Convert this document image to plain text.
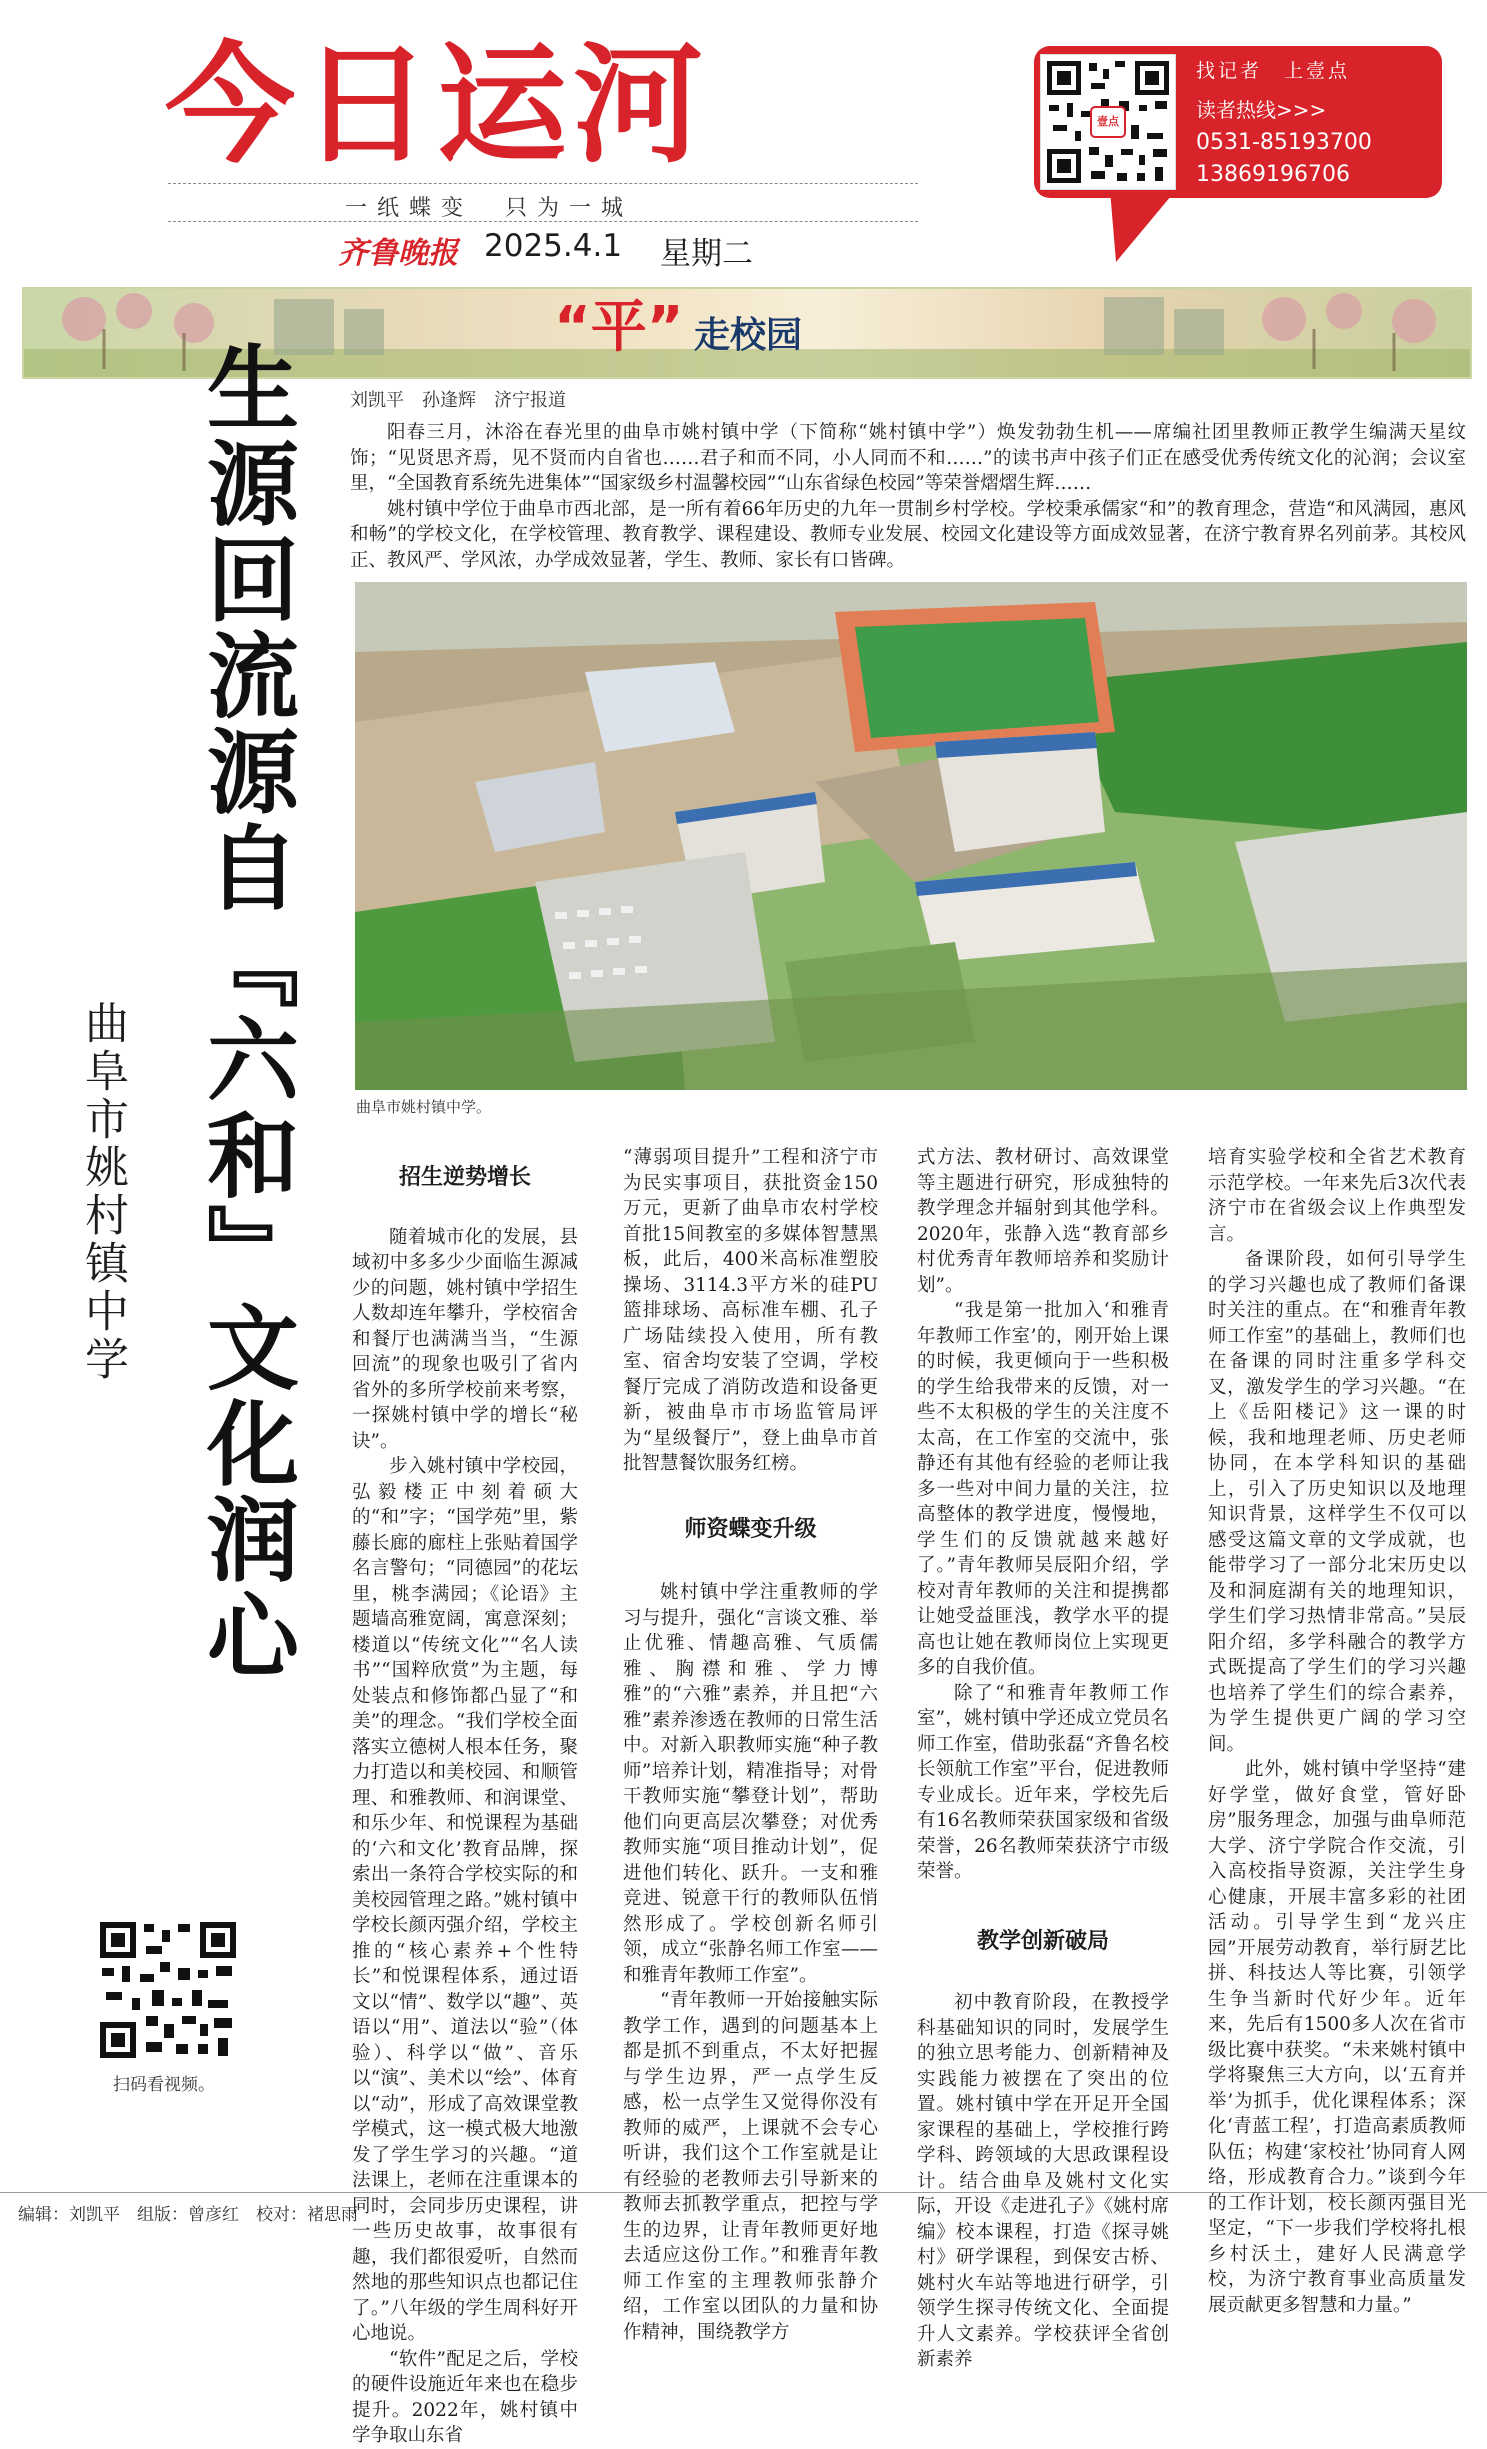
今日运河
一纸蝶变　只为一城
齐鲁晚报 2025.4.1 星期二
壹点
找记者　上壹点
读者热线>>>
0531-85193700
13869196706
“平” 走校园
刘凯平　孙逢辉　济宁报道

阳春三月，沐浴在春光里的曲阜市姚村镇中学（下简称“姚村镇中学”）焕发勃勃生机——席编社团里教师正教学生编满天星纹饰；“见贤思齐焉，见不贤而内自省也……君子和而不同，小人同而不和……”的读书声中孩子们正在感受优秀传统文化的沁润；会议室里，“全国教育系统先进集体”“国家级乡村温馨校园”“山东省绿色校园”等荣誉熠熠生辉……

姚村镇中学位于曲阜市西北部，是一所有着66年历史的九年一贯制乡村学校。学校秉承儒家“和”的教育理念，营造“和风满园，惠风和畅”的学校文化，在学校管理、教育教学、课程建设、教师专业发展、校园文化建设等方面成效显著，在济宁教育界名列前茅。其校风正、教风严、学风浓，办学成效显著，学生、教师、家长有口皆碑。

生源回流源自『六和』文化润心
曲阜市姚村镇中学	曲阜市姚村镇中学。
招生逆势增长

随着城市化的发展，县域初中多多少少面临生源减少的问题，姚村镇中学招生人数却连年攀升，学校宿舍和餐厅也满满当当，“生源回流”的现象也吸引了省内省外的多所学校前来考察，一探姚村镇中学的增长“秘诀”。

步入姚村镇中学校园，弘毅楼正中刻着硕大的“和”字；“国学苑”里，紫藤长廊的廊柱上张贴着国学名言警句；“同德园”的花坛里，桃李满园；《论语》主题墙高雅宽阔，寓意深刻；楼道以“传统文化”“名人读书”“国粹欣赏”为主题，每处装点和修饰都凸显了“和美”的理念。“我们学校全面落实立德树人根本任务，聚力打造以和美校园、和顺管理、和雅教师、和润课堂、和乐少年、和悦课程为基础的‘六和文化’教育品牌，探索出一条符合学校实际的和美校园管理之路。”姚村镇中学校长颜丙强介绍，学校主推的“核心素养+个性特长”和悦课程体系，通过语文以“情”、数学以“趣”、英语以“用”、道法以“验”（体验）、科学以“做”、音乐以“演”、美术以“绘”、体育以“动”，形成了高效课堂教学模式，这一模式极大地激发了学生学习的兴趣。“道法课上，老师在注重课本的同时，会同步历史课程，讲一些历史故事，故事很有趣，我们都很爱听，自然而然地的那些知识点也都记住了。”八年级的学生周科好开心地说。

“软件”配足之后，学校的硬件设施近年来也在稳步提升。2022年，姚村镇中学争取山东省

“薄弱项目提升”工程和济宁市为民实事项目，获批资金150万元，更新了曲阜市农村学校首批15间教室的多媒体智慧黑板，此后，400米高标准塑胶操场、3114.3平方米的硅PU篮排球场、高标准车棚、孔子广场陆续投入使用，所有教室、宿舍均安装了空调，学校餐厅完成了消防改造和设备更新，被曲阜市市场监管局评为“星级餐厅”，登上曲阜市首批智慧餐饮服务红榜。

师资蝶变升级

姚村镇中学注重教师的学习与提升，强化“言谈文雅、举止优雅、情趣高雅、气质儒雅、胸襟和雅、学力博雅”的“六雅”素养，并且把“六雅”素养渗透在教师的日常生活中。对新入职教师实施“种子教师”培养计划，精准指导；对骨干教师实施“攀登计划”，帮助他们向更高层次攀登；对优秀教师实施“项目推动计划”，促进他们转化、跃升。一支和雅竞进、锐意干行的教师队伍悄然形成了。学校创新名师引领，成立“张静名师工作室——和雅青年教师工作室”。

“青年教师一开始接触实际教学工作，遇到的问题基本上都是抓不到重点，不太好把握与学生边界，严一点学生反感，松一点学生又觉得你没有教师的威严，上课就不会专心听讲，我们这个工作室就是让有经验的老教师去引导新来的教师去抓教学重点，把控与学生的边界，让青年教师更好地去适应这份工作。”和雅青年教师工作室的主理教师张静介绍，工作室以团队的力量和协作精神，围绕教学方

式方法、教材研讨、高效课堂等主题进行研究，形成独特的教学理念并辐射到其他学科。2020年，张静入选“教育部乡村优秀青年教师培养和奖励计划”。

“我是第一批加入‘和雅青年教师工作室’的，刚开始上课的时候，我更倾向于一些积极的学生给我带来的反馈，对一些不太积极的学生的关注度不太高，在工作室的交流中，张静还有其他有经验的老师让我多一些对中间力量的关注，拉高整体的教学进度，慢慢地，学生们的反馈就越来越好了。”青年教师吴辰阳介绍，学校对青年教师的关注和提携都让她受益匪浅，教学水平的提高也让她在教师岗位上实现更多的自我价值。

除了“和雅青年教师工作室”，姚村镇中学还成立党员名师工作室，借助张磊“齐鲁名校长领航工作室”平台，促进教师专业成长。近年来，学校先后有16名教师荣获国家级和省级荣誉，26名教师荣获济宁市级荣誉。

教学创新破局

初中教育阶段，在教授学科基础知识的同时，发展学生的独立思考能力、创新精神及实践能力被摆在了突出的位置。姚村镇中学在开足开全国家课程的基础上，学校推行跨学科、跨领域的大思政课程设计。结合曲阜及姚村文化实际，开设《走进孔子》《姚村席编》校本课程，打造《探寻姚村》研学课程，到保安古桥、姚村火车站等地进行研学，引领学生探寻传统文化、全面提升人文素养。学校获评全省创新素养

培育实验学校和全省艺术教育示范学校。一年来先后3次代表济宁市在省级会议上作典型发言。

备课阶段，如何引导学生的学习兴趣也成了教师们备课时关注的重点。在“和雅青年教师工作室”的基础上，教师们也在备课的同时注重多学科交叉，激发学生的学习兴趣。“在上《岳阳楼记》这一课的时候，我和地理老师、历史老师协同，在本学科知识的基础上，引入了历史知识以及地理知识背景，这样学生不仅可以感受这篇文章的文学成就，也能带学习了一部分北宋历史以及和洞庭湖有关的地理知识，学生们学习热情非常高。”吴辰阳介绍，多学科融合的教学方式既提高了学生们的学习兴趣也培养了学生们的综合素养，为学生提供更广阔的学习空间。

此外，姚村镇中学坚持“建好学堂，做好食堂，管好卧房”服务理念，加强与曲阜师范大学、济宁学院合作交流，引入高校指导资源，关注学生身心健康，开展丰富多彩的社团活动。引导学生到“龙兴庄园”开展劳动教育，举行厨艺比拼、科技达人等比赛，引领学生争当新时代好少年。近年来，先后有1500多人次在省市级比赛中获奖。“未来姚村镇中学将聚焦三大方向，以‘五育并举’为抓手，优化课程体系；深化‘青蓝工程’，打造高素质教师队伍；构建‘家校社’协同育人网络，形成教育合力。”谈到今年的工作计划，校长颜丙强目光坚定，“下一步我们学校将扎根乡村沃土，建好人民满意学校，为济宁教育事业高质量发展贡献更多智慧和力量。”

扫码看视频。
编辑：刘凯平　组版：曾彦红　校对：褚思雨
